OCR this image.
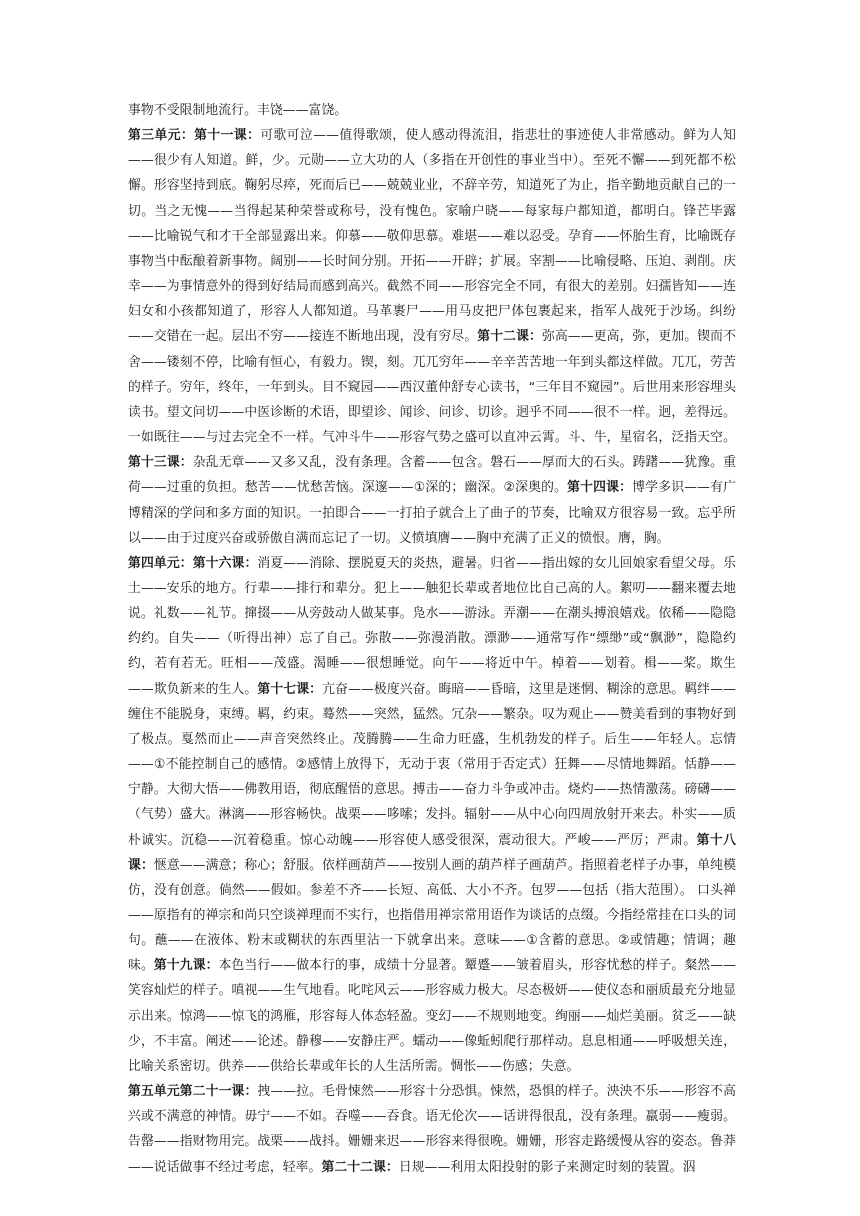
事物不受限制地流行。丰饶——富饶。

第三单元：第十一课：可歌可泣——值得歌颂，使人感动得流泪，指悲壮的事迹使人非常感动。鲜为人知——很少有人知道。鲜，少。元勋——立大功的人（多指在开创性的事业当中）。至死不懈——到死都不松懈。形容坚持到底。鞠躬尽瘁，死而后已——兢兢业业，不辞辛劳，知道死了为止，指辛勤地贡献自己的一切。当之无愧——当得起某种荣誉或称号，没有愧色。家喻户晓——每家每户都知道，都明白。锋芒毕露——比喻锐气和才干全部显露出来。仰慕——敬仰思慕。难堪——难以忍受。孕育——怀胎生育，比喻既存事物当中酝酿着新事物。阔别——长时间分别。开拓——开辟；扩展。宰割——比喻侵略、压迫、剥削。庆幸——为事情意外的得到好结局而感到高兴。截然不同——形容完全不同，有很大的差别。妇孺皆知——连妇女和小孩都知道了，形容人人都知道。马革裹尸——用马皮把尸体包裹起来，指军人战死于沙场。纠纷——交错在一起。层出不穷——接连不断地出现，没有穷尽。第十二课：弥高——更高，弥，更加。锲而不舍——镂刻不停，比喻有恒心，有毅力。锲，刻。兀兀穷年——辛辛苦苦地一年到头都这样做。兀兀，劳苦的样子。穷年，终年，一年到头。目不窥园——西汉董仲舒专心读书，“三年目不窥园”。后世用来形容埋头读书。望文问切——中医诊断的术语，即望诊、闻诊、问诊、切诊。迥乎不同——很不一样。迥，差得远。一如既往——与过去完全不一样。气冲斗牛——形容气势之盛可以直冲云霄。斗、牛，星宿名，泛指天空。第十三课：杂乱无章——又多又乱，没有条理。含蓄——包含。磐石——厚而大的石头。踌躇——犹豫。重荷——过重的负担。愁苦——忧愁苦恼。深邃——①深的；幽深。②深奥的。第十四课：博学多识——有广博精深的学问和多方面的知识。一拍即合——一打拍子就合上了曲子的节奏，比喻双方很容易一致。忘乎所以——由于过度兴奋或骄傲自满而忘记了一切。义愤填膺——胸中充满了正义的愤恨。膺，胸。

第四单元：第十六课：消夏——消除、摆脱夏天的炎热，避暑。归省——指出嫁的女儿回娘家看望父母。乐土——安乐的地方。行辈——排行和辈分。犯上——触犯长辈或者地位比自己高的人。絮叨——翻来覆去地说。礼数——礼节。撺掇——从旁鼓动人做某事。凫水——游泳。弄潮——在潮头搏浪嬉戏。依稀——隐隐约约。自失——（听得出神）忘了自己。弥散——弥漫消散。漂渺——通常写作“缥缈”或“飘渺”，隐隐约约，若有若无。旺相——茂盛。渴睡——很想睡觉。向午——将近中午。棹着——划着。楫——桨。欺生——欺负新来的生人。第十七课：亢奋——极度兴奋。晦暗——昏暗，这里是迷惘、糊涂的意思。羁绊——缠住不能脱身，束缚。羁，约束。蓦然——突然，猛然。冗杂——繁杂。叹为观止——赞美看到的事物好到了极点。戛然而止——声音突然终止。茂腾腾——生命力旺盛，生机勃发的样子。后生——年轻人。忘情——①不能控制自己的感情。②感情上放得下，无动于衷（常用于否定式）狂舞——尽情地舞蹈。恬静——宁静。大彻大悟——佛教用语，彻底醒悟的意思。搏击——奋力斗争或冲击。烧灼——热情激荡。磅礴——（气势）盛大。淋漓——形容畅快。战栗——哆嗦；发抖。辐射——从中心向四周放射开来去。朴实——质朴诚实。沉稳——沉着稳重。惊心动魄——形容使人感受很深，震动很大。严峻——严厉；严肃。第十八课：惬意——满意；称心；舒服。依样画葫芦——按别人画的葫芦样子画葫芦。指照着老样子办事，单纯模仿，没有创意。倘然——假如。参差不齐——长短、高低、大小不齐。包罗——包括（指大范围）。 口头禅——原指有的禅宗和尚只空谈禅理而不实行，也指借用禅宗常用语作为谈话的点缀。今指经常挂在口头的词句。蘸——在液体、粉末或糊状的东西里沾一下就拿出来。意味——①含蓄的意思。②或情趣；情调；趣味。第十九课：本色当行——做本行的事，成绩十分显著。颦蹙——皱着眉头，形容忧愁的样子。粲然——笑容灿烂的样子。嗔视——生气地看。叱咤风云——形容威力极大。尽态极妍——使仪态和丽质最充分地显示出来。惊鸿——惊飞的鸿雁，形容每人体态轻盈。变幻——不规则地变。绚丽——灿烂美丽。贫乏——缺少，不丰富。阐述——论述。静穆——安静庄严。蠕动——像蚯蚓爬行那样动。息息相通——呼吸想关连，比喻关系密切。供养——供给长辈或年长的人生活所需。惆怅——伤感；失意。

第五单元第二十一课：拽——拉。毛骨悚然——形容十分恐惧。悚然，恐惧的样子。泱泱不乐——形容不高兴或不满意的神情。毋宁——不如。吞噬——吞食。语无伦次——话讲得很乱，没有条理。羸弱——瘦弱。告罄——指财物用完。战栗——战抖。姗姗来迟——形容来得很晚。姗姗，形容走路缓慢从容的姿态。鲁莽——说话做事不经过考虑，轻率。第二十二课：日规——利用太阳投射的影子来测定时刻的装置。泅
